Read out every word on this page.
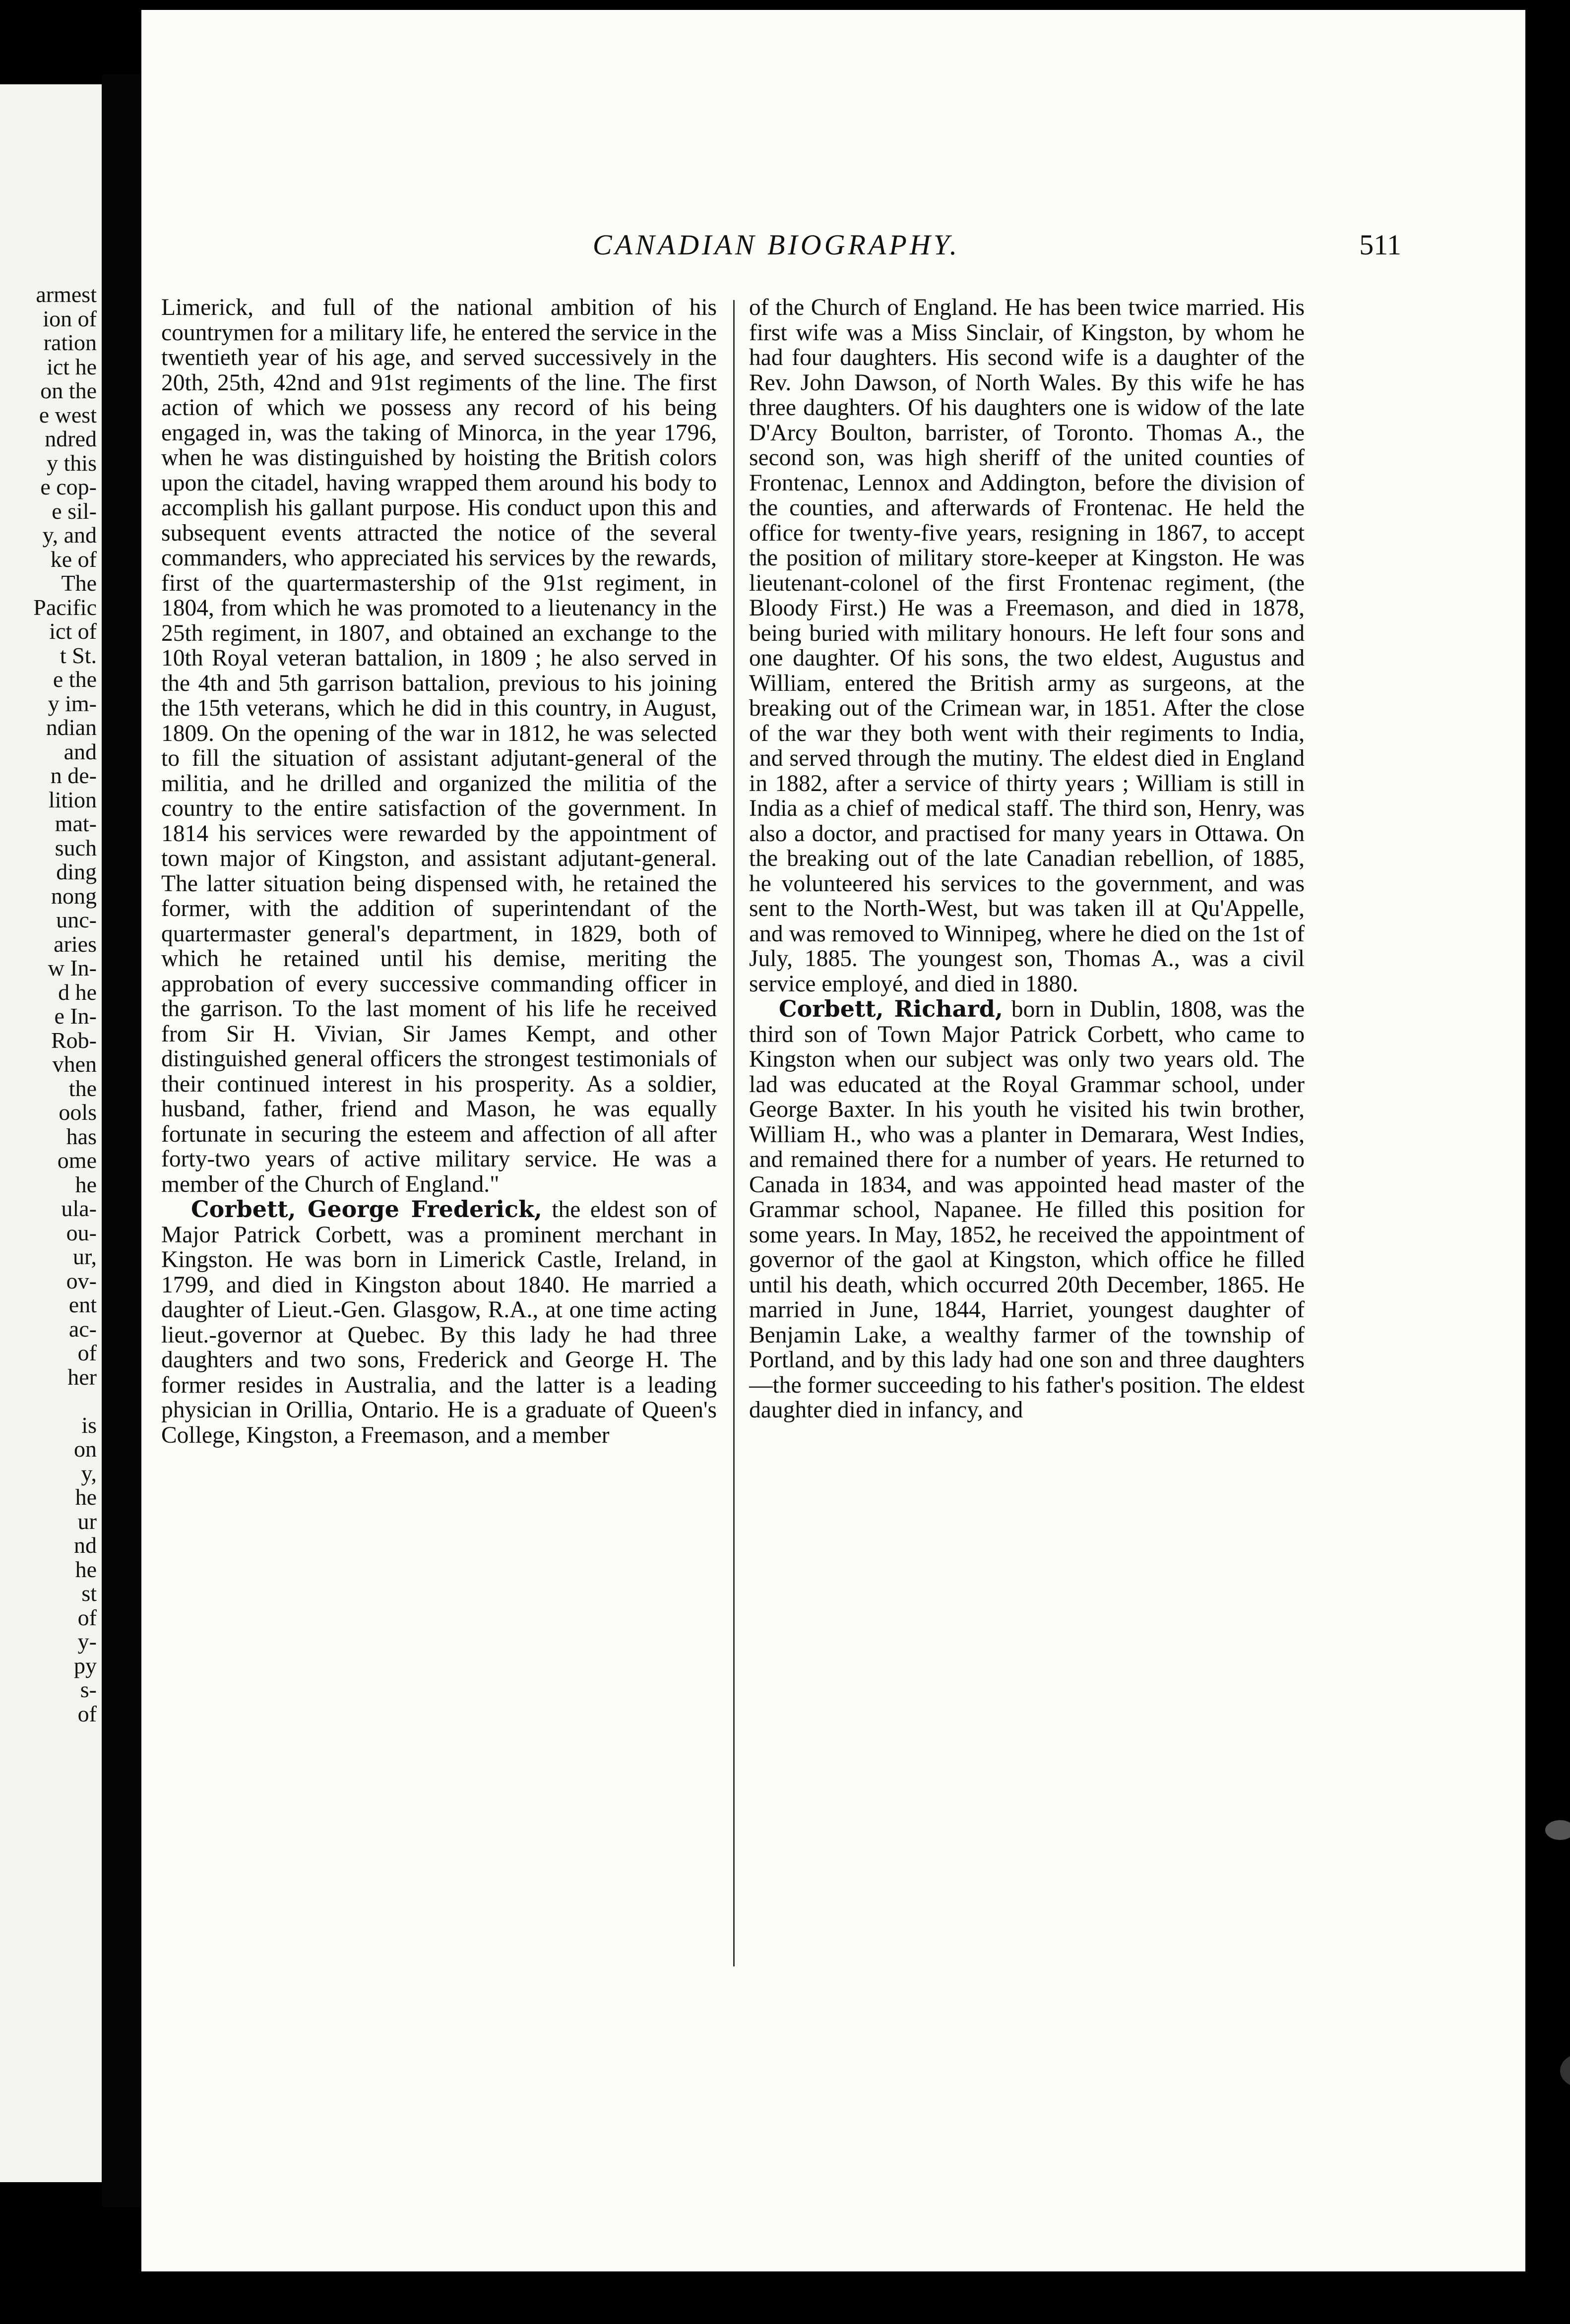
armest
ion of
ration
ict he
on the
e west
ndred
y this
e cop-
e sil-
y, and
ke of
The
Pacific
ict of
t St.
e the
y im-
ndian
and
n de-
lition
mat-
such
ding
nong
unc-
aries
w In-
d he
e In-
Rob-
vhen
the
ools
has
ome
he
ula-
ou-
ur,
ov-
ent
ac-
of
her

is
on
y,
he
ur
nd
he
st
of
y-
py
s-
of
CANADIAN BIOGRAPHY.	511

Limerick, and full of the national ambition of his countrymen for a military life, he entered the service in the twentieth year of his age, and served successively in the 20th, 25th, 42nd and 91st regiments of the line. The first action of which we possess any record of his being engaged in, was the taking of Minorca, in the year 1796, when he was distinguished by hoisting the British colors upon the citadel, having wrapped them around his body to accomplish his gallant purpose. His conduct upon this and subsequent events attracted the notice of the several commanders, who appreciated his services by the rewards, first of the quartermastership of the 91st regiment, in 1804, from which he was promoted to a lieutenancy in the 25th regiment, in 1807, and obtained an exchange to the 10th Royal veteran battalion, in 1809 ; he also served in the 4th and 5th garrison battalion, previous to his joining the 15th veterans, which he did in this country, in August, 1809. On the opening of the war in 1812, he was selected to fill the situation of assistant adjutant-general of the militia, and he drilled and organized the militia of the country to the entire satisfaction of the government. In 1814 his services were rewarded by the appointment of town major of Kingston, and assistant adjutant-general. The latter situation being dispensed with, he retained the former, with the addition of superintendant of the quartermaster general's department, in 1829, both of which he retained until his demise, meriting the approbation of every successive commanding officer in the garrison. To the last moment of his life he received from Sir H. Vivian, Sir James Kempt, and other distinguished general officers the strongest testimonials of their continued interest in his prosperity. As a soldier, husband, father, friend and Mason, he was equally fortunate in securing the esteem and affection of all after forty-two years of active military service. He was a member of the Church of England."

Corbett, George Frederick, the eldest son of Major Patrick Corbett, was a prominent merchant in Kingston. He was born in Limerick Castle, Ireland, in 1799, and died in Kingston about 1840. He married a daughter of Lieut.-Gen. Glasgow, R.A., at one time acting lieut.-governor at Quebec. By this lady he had three daughters and two sons, Frederick and George H. The former resides in Australia, and the latter is a leading physician in Orillia, Ontario. He is a graduate of Queen's College, Kingston, a Freemason, and a member

of the Church of England. He has been twice married. His first wife was a Miss Sinclair, of Kingston, by whom he had four daughters. His second wife is a daughter of the Rev. John Dawson, of North Wales. By this wife he has three daughters. Of his daughters one is widow of the late D'Arcy Boulton, barrister, of Toronto. Thomas A., the second son, was high sheriff of the united counties of Frontenac, Lennox and Addington, before the division of the counties, and afterwards of Frontenac. He held the office for twenty-five years, resigning in 1867, to accept the position of military store-keeper at Kingston. He was lieutenant-colonel of the first Frontenac regiment, (the Bloody First.) He was a Freemason, and died in 1878, being buried with military honours. He left four sons and one daughter. Of his sons, the two eldest, Augustus and William, entered the British army as surgeons, at the breaking out of the Crimean war, in 1851. After the close of the war they both went with their regiments to India, and served through the mutiny. The eldest died in England in 1882, after a service of thirty years ; William is still in India as a chief of medical staff. The third son, Henry, was also a doctor, and practised for many years in Ottawa. On the breaking out of the late Canadian rebellion, of 1885, he volunteered his services to the government, and was sent to the North-West, but was taken ill at Qu'Appelle, and was removed to Winnipeg, where he died on the 1st of July, 1885. The youngest son, Thomas A., was a civil service employé, and died in 1880.

Corbett, Richard, born in Dublin, 1808, was the third son of Town Major Patrick Corbett, who came to Kingston when our subject was only two years old. The lad was educated at the Royal Grammar school, under George Baxter. In his youth he visited his twin brother, William H., who was a planter in Demarara, West Indies, and remained there for a number of years. He returned to Canada in 1834, and was appointed head master of the Grammar school, Napanee. He filled this position for some years. In May, 1852, he received the appointment of governor of the gaol at Kingston, which office he filled until his death, which occurred 20th December, 1865. He married in June, 1844, Harriet, youngest daughter of Benjamin Lake, a wealthy farmer of the township of Portland, and by this lady had one son and three daughters—the former succeeding to his father's position. The eldest daughter died in infancy, and
